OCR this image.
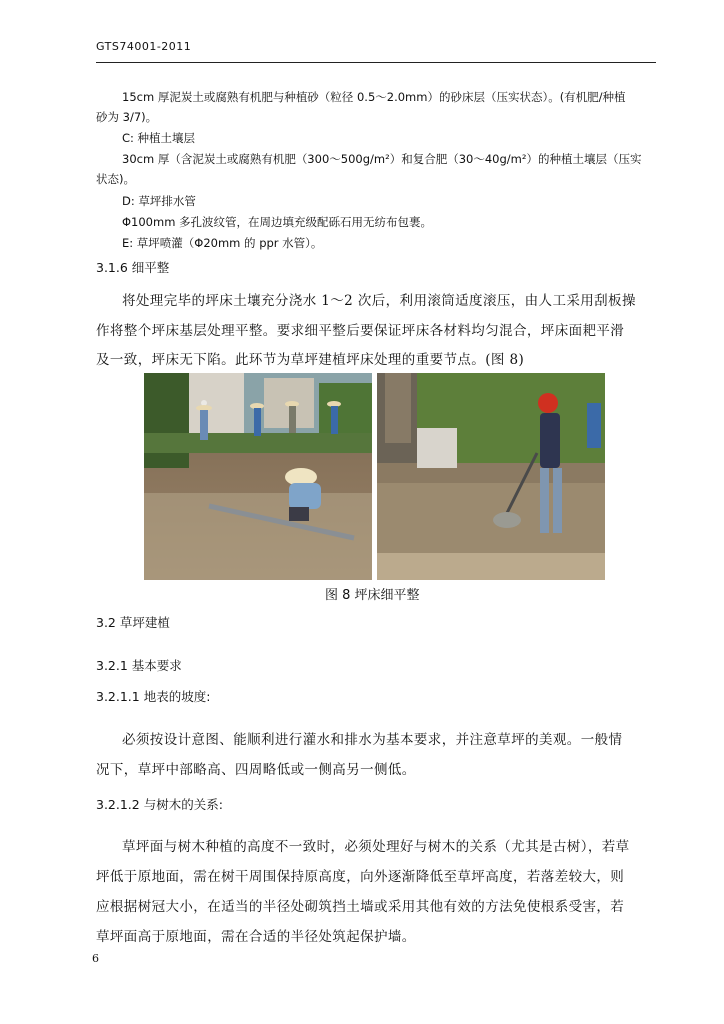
GTS74001-2011
15cm 厚泥炭土或腐熟有机肥与种植砂（粒径 0.5～2.0mm）的砂床层（压实状态）。(有机肥/种植
砂为 3/7)。
C: 种植土壤层
30cm 厚（含泥炭土或腐熟有机肥（300～500g/m²）和复合肥（30～40g/m²）的种植土壤层（压实
状态)。
D: 草坪排水管
Φ100mm 多孔波纹管，在周边填充级配砾石用无纺布包裹。
E: 草坪喷灌（Φ20mm 的 ppr 水管）。
3.1.6 细平整
将处理完毕的坪床土壤充分浇水 1～2 次后，利用滚筒适度滚压，由人工采用刮板操
作将整个坪床基层处理平整。要求细平整后要保证坪床各材料均匀混合，坪床面耙平滑
及一致，坪床无下陷。此环节为草坪建植坪床处理的重要节点。(图 8)
图 8 坪床细平整
3.2 草坪建植
3.2.1 基本要求
3.2.1.1 地表的坡度:
必须按设计意图、能顺利进行灌水和排水为基本要求，并注意草坪的美观。一般情
况下，草坪中部略高、四周略低或一侧高另一侧低。
3.2.1.2 与树木的关系:
草坪面与树木种植的高度不一致时，必须处理好与树木的关系（尤其是古树），若草
坪低于原地面，需在树干周围保持原高度，向外逐渐降低至草坪高度，若落差较大，则
应根据树冠大小，在适当的半径处砌筑挡土墙或采用其他有效的方法免使根系受害，若
草坪面高于原地面，需在合适的半径处筑起保护墙。
6
